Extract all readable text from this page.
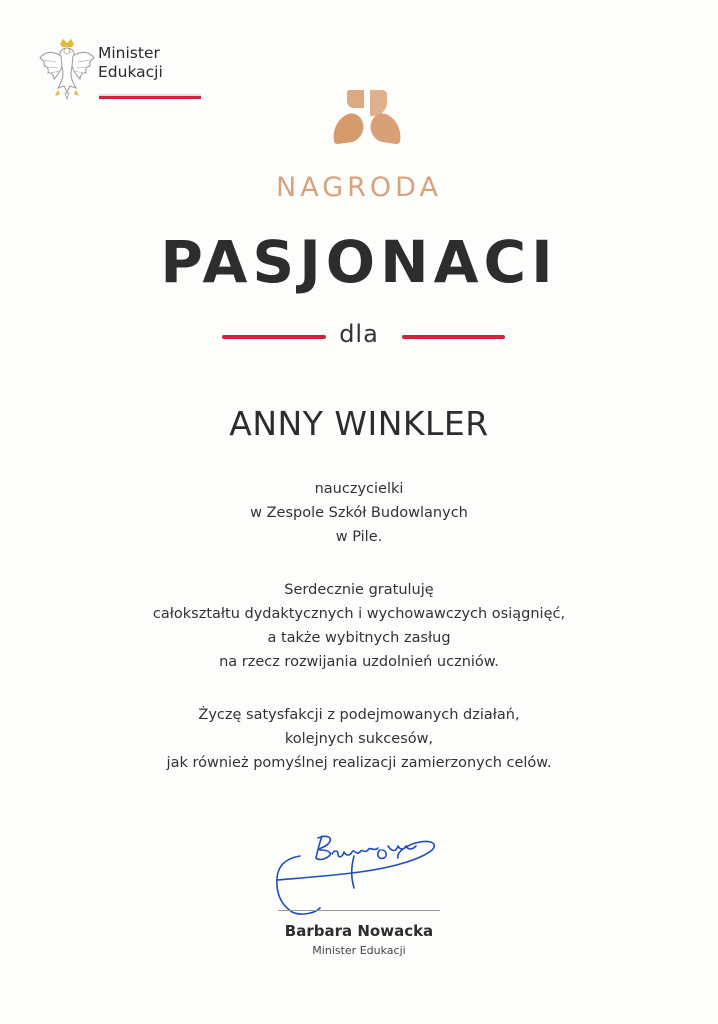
Minister
Edukacji
NAGRODA
PASJONACI
dla
ANNY WINKLER
nauczycielki
w Zespole Szkół Budowlanych
w Pile.
Serdecznie gratuluję
całokształtu dydaktycznych i wychowawczych osiągnięć,
a także wybitnych zasług
na rzecz rozwijania uzdolnień uczniów.
Życzę satysfakcji z podejmowanych działań,
kolejnych sukcesów,
jak również pomyślnej realizacji zamierzonych celów.
Barbara Nowacka
Minister Edukacji
